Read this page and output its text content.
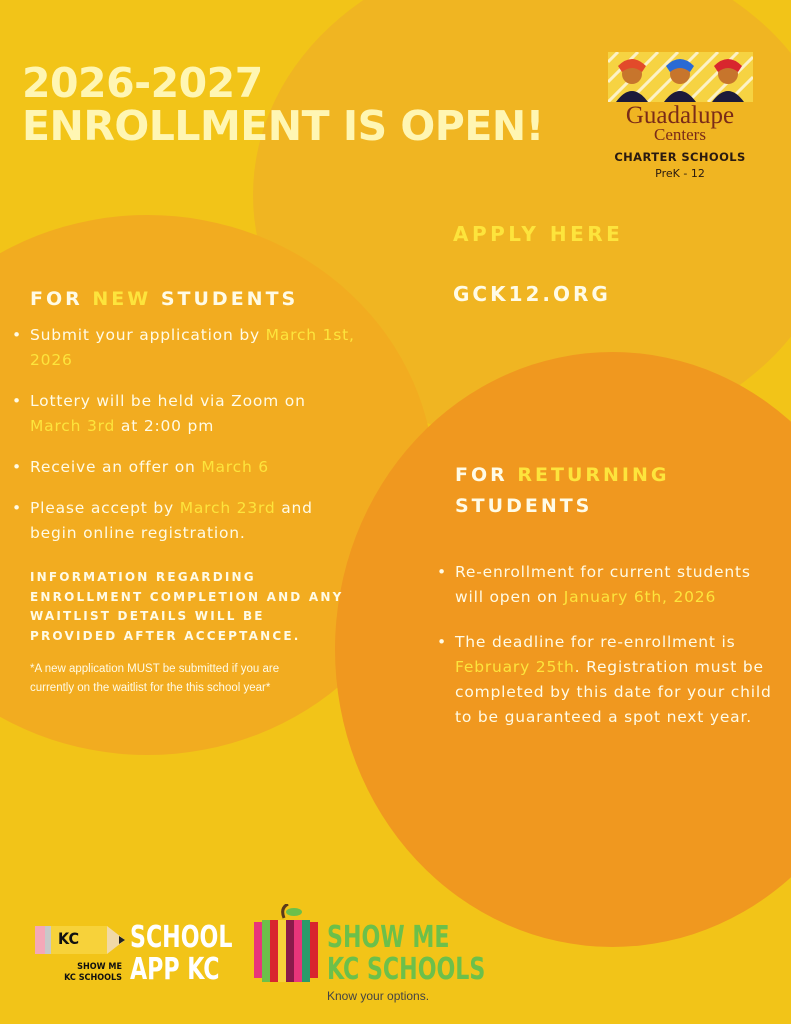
2026-2027
ENROLLMENT IS OPEN!	Guadalupe
Centers
CHARTER SCHOOLS
PreK - 12
APPLY HERE
GCK12.ORG
FOR NEW STUDENTS
• Submit your application by March 1st, 2026
• Lottery will be held via Zoom on March 3rd at 2:00 pm
• Receive an offer on March 6
• Please accept by March 23rd and begin online registration.
INFORMATION REGARDING ENROLLMENT COMPLETION AND ANY WAITLIST DETAILS WILL BE PROVIDED AFTER ACCEPTANCE.
*A new application MUST be submitted if you are currently on the waitlist for the this school year*
FOR RETURNING
STUDENTS
• Re-enrollment for current students will open on January 6th, 2026
• The deadline for re-enrollment is February 25th. Registration must be completed by this date for your child to be guaranteed a spot next year.
KC
SHOW ME
KC SCHOOLS
SCHOOL
APP KC
SHOW ME
KC SCHOOLS
Know your options.
